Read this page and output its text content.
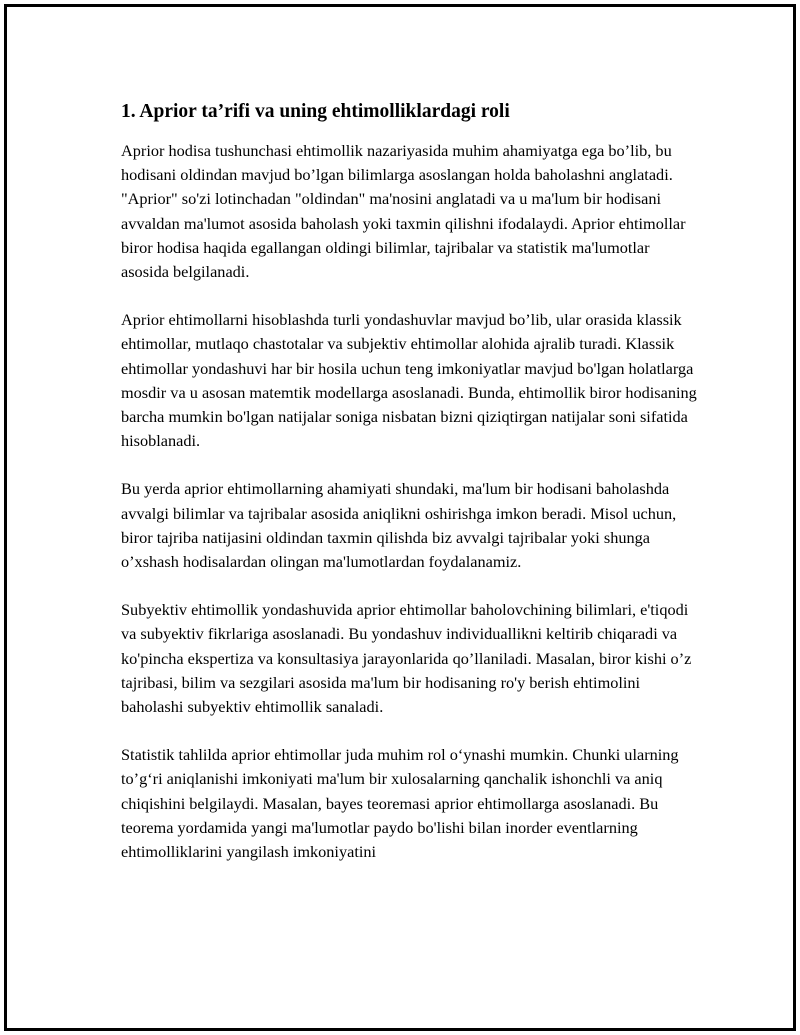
1. Aprior ta’rifi va uning ehtimolliklardagi roli

Aprior hodisa tushunchasi ehtimollik nazariyasida muhim ahamiyatga ega bo’lib, bu hodisani oldindan mavjud bo’lgan bilimlarga asoslangan holda baholashni anglatadi. "Aprior" so'zi lotinchadan "oldindan" ma'nosini anglatadi va u ma'lum bir hodisani avvaldan ma'lumot asosida baholash yoki taxmin qilishni ifodalaydi. Aprior ehtimollar biror hodisa haqida egallangan oldingi bilimlar, tajribalar va statistik ma'lumotlar asosida belgilanadi.

Aprior ehtimollarni hisoblashda turli yondashuvlar mavjud bo’lib, ular orasida klassik ehtimollar, mutlaqo chastotalar va subjektiv ehtimollar alohida ajralib turadi. Klassik ehtimollar yondashuvi har bir hosila uchun teng imkoniyatlar mavjud bo'lgan holatlarga mosdir va u asosan matemtik modellarga asoslanadi. Bunda, ehtimollik biror hodisaning barcha mumkin bo'lgan natijalar soniga nisbatan bizni qiziqtirgan natijalar soni sifatida hisoblanadi.

Bu yerda aprior ehtimollarning ahamiyati shundaki, ma'lum bir hodisani baholashda avvalgi bilimlar va tajribalar asosida aniqlikni oshirishga imkon beradi. Misol uchun, biror tajriba natijasini oldindan taxmin qilishda biz avvalgi tajribalar yoki shunga o’xshash hodisalardan olingan ma'lumotlardan foydalanamiz.

Subyektiv ehtimollik yondashuvida aprior ehtimollar baholovchining bilimlari, e'tiqodi va subyektiv fikrlariga asoslanadi. Bu yondashuv individuallikni keltirib chiqaradi va ko'pincha ekspertiza va konsultasiya jarayonlarida qo’llaniladi. Masalan, biror kishi o’z tajribasi, bilim va sezgilari asosida ma'lum bir hodisaning ro'y berish ehtimolini baholashi subyektiv ehtimollik sanaladi.

Statistik tahlilda aprior ehtimollar juda muhim rol o‘ynashi mumkin. Chunki ularning to’g‘ri aniqlanishi imkoniyati ma'lum bir xulosalarning qanchalik ishonchli va aniq chiqishini belgilaydi. Masalan, bayes teoremasi aprior ehtimollarga asoslanadi. Bu teorema yordamida yangi ma'lumotlar paydo bo'lishi bilan inorder eventlarning ehtimolliklarini yangilash imkoniyatini
